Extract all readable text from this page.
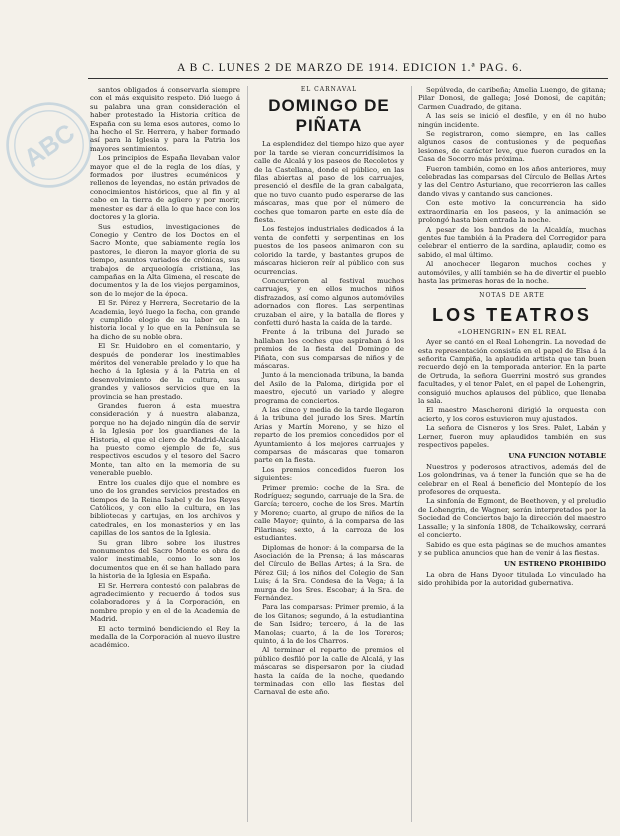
ABC
A B C. LUNES 2 DE MARZO DE 1914. EDICION 1.ª PAG. 6.

santos obligados á conservarla siempre con el más exquisito respeto. Dió luego á su palabra una gran consideración el haber protestado la Historia crítica de España con su lema esos autores, como lo ha hecho el Sr. Herrera, y haber formado así para la Iglesia y para la Patria los mayores sentimientos.

Los principios de España llevaban valor mayor que el de la regla de los días, y formados por ilustres ecuménicos y rellenos de leyendas, no están privados de conocimientos históricos, que al fin y al cabo en la tierra de agüero y por morir, menester es dar á ella lo que hace con los doctores y la gloria.

Sus estudios, investigaciones de Conegio y Centro de los Doctos en el Sacro Monte, que sabiamente regía los pastores, le dieron la mayor gloria de su tiempo, asuntos variados de crónicas, sus trabajos de arqueología cristiana, las campañas en la Alta Gimena, el rescate de documentos y la de los viejos pergaminos, son de lo mejor de la época.

El Sr. Pérez y Herrera, Secretario de la Academia, leyó luego la fecha, con grande y cumplido elogio de su labor en la historia local y lo que en la Península se ha dicho de su noble obra.

El Sr. Huidobro en el comentario, y después de ponderar los inestimables méritos del venerable prelado y lo que ha hecho á la Iglesia y á la Patria en el desenvolvimiento de la cultura, sus grandes y valiosos servicios que en la provincia se han prestado.

Grandes fueron á esta muestra consideración y á nuestra alabanza, porque no ha dejado ningún día de servir á la Iglesia por los guardianes de la Historia, el que el clero de Madrid-Alcalá ha puesto como ejemplo de fe, sus respectivos escudos y el tesoro del Sacro Monte, tan alto en la memoria de su venerable pueblo.

Entre los cuales dijo que el nombre es uno de los grandes servicios prestados en tiempos de la Reina Isabel y de los Reyes Católicos, y con ello la cultura, en las bibliotecas y cartujas, en los archivos y catedrales, en los monasterios y en las capillas de los santos de la Iglesia.

Su gran libro sobre los ilustres monumentos del Sacro Monte es obra de valor inestimable, como lo son los documentos que en él se han hallado para la historia de la Iglesia en España.

El Sr. Herrera contestó con palabras de agradecimiento y recuerdo á todos sus colaboradores y á la Corporación, en nombre propio y en el de la Academia de Madrid.

El acto terminó bendiciendo el Rey la medalla de la Corporación al nuevo ilustre académico.

EL CARNAVAL
DOMINGO DE PIÑATA

La esplendidez del tiempo hizo que ayer por la tarde se vieran concurridísimos la calle de Alcalá y los paseos de Recoletos y de la Castellana, donde el público, en las filas abiertas al paso de los carruajes, presenció el desfile de la gran cabalgata, que no tuvo cuanto pudo esperarse de las máscaras, mas que por el número de coches que tomaron parte en este día de fiesta.

Los festejos industriales dedicados á la venta de confetti y serpentinas en los puestos de los paseos animaron con su colorido la tarde, y bastantes grupos de máscaras hicieron reír al público con sus ocurrencias.

Concurrieron al festival muchos carruajes, y en ellos muchos niños disfrazados, así como algunos automóviles adornados con flores. Las serpentinas cruzaban el aire, y la batalla de flores y confetti duró hasta la caída de la tarde.

Frente á la tribuna del Jurado se hallaban los coches que aspiraban á los premios de la fiesta del Domingo de Piñata, con sus comparsas de niños y de máscaras.

Junto á la mencionada tribuna, la banda del Asilo de la Paloma, dirigida por el maestro, ejecutó un variado y alegre programa de conciertos.

A las cinco y media de la tarde llegaron á la tribuna del jurado los Sres. Martín Arias y Martín Moreno, y se hizo el reparto de los premios concedidos por el Ayuntamiento á los mejores carruajes y comparsas de máscaras que tomaron parte en la fiesta.

Los premios concedidos fueron los siguientes:

Primer premio: coche de la Sra. de Rodríguez; segundo, carruaje de la Sra. de García; tercero, coche de los Sres. Martín y Moreno; cuarto, al grupo de niños de la calle Mayor; quinto, á la comparsa de las Pilarinas; sexto, á la carroza de los estudiantes.

Diplomas de honor: á la comparsa de la Asociación de la Prensa; á las máscaras del Círculo de Bellas Artes; á la Sra. de Pérez Gil; á los niños del Colegio de San Luis; á la Sra. Condesa de la Vega; á la murga de los Sres. Escobar; á la Sra. de Fernández.

Para las comparsas: Primer premio, á la de los Gitanos; segundo, á la estudiantina de San Isidro; tercero, á la de las Manolas; cuarto, á la de los Toreros; quinto, á la de los Charros.

Al terminar el reparto de premios el público desfiló por la calle de Alcalá, y las máscaras se dispersaron por la ciudad hasta la caída de la noche, quedando terminadas con ello las fiestas del Carnaval de este año.

Sepúlveda, de caribeña; Amelia Luengo, de gitana; Pilar Donosi, de gallega; José Donosi, de capitán; Carmen Cuadrado, de gitana.

A las seis se inició el desfile, y en él no hubo ningún incidente.

Se registraron, como siempre, en las calles algunos casos de contusiones y de pequeñas lesiones, de carácter leve, que fueron curados en la Casa de Socorro más próxima.

Fueron también, como en los años anteriores, muy celebradas las comparsas del Círculo de Bellas Artes y las del Centro Asturiano, que recorrieron las calles dando vivas y cantando sus canciones.

Con este motivo la concurrencia ha sido extraordinaria en los paseos, y la animación se prolongó hasta bien entrada la noche.

A pesar de los bandos de la Alcaldía, muchas gentes fue también á la Pradera del Corregidor para celebrar el entierro de la sardina, aplaudir, como es sabido, el mal último.

Al anochecer llegaron muchos coches y automóviles, y allí también se ha de divertir el pueblo hasta las primeras horas de la noche.

NOTAS DE ARTE
LOS TEATROS
«LOHENGRIN» EN EL REAL

Ayer se cantó en el Real Lohengrin. La novedad de esta representación consistía en el papel de Elsa á la señorita Campiña, la aplaudida artista que tan buen recuerdo dejó en la temporada anterior. En la parte de Ortruda, la señora Guerrini mostró sus grandes facultades, y el tenor Palet, en el papel de Lohengrin, consiguió muchos aplausos del público, que llenaba la sala.

El maestro Mascheroni dirigió la orquesta con acierto, y los coros estuvieron muy ajustados.

La señora de Cisneros y los Sres. Palet, Labán y Lerner, fueron muy aplaudidos también en sus respectivos papeles.

UNA FUNCION NOTABLE

Nuestros y poderosos atractivos, además del de Los golondrinas, va á tener la función que se ha de celebrar en el Real á beneficio del Montepío de los profesores de orquesta.

La sinfonía de Egmont, de Beethoven, y el preludio de Lohengrin, de Wagner, serán interpretados por la Sociedad de Conciertos bajo la dirección del maestro Lassalle; y la sinfonía 1808, de Tchaikowsky, cerrará el concierto.

Sabido es que esta páginas se de muchos amantes y se publica anuncios que han de venir á las fiestas.

UN ESTRENO PROHIBIDO

La obra de Hans Dyoor titulada Lo vinculado ha sido prohibida por la autoridad gubernativa.
